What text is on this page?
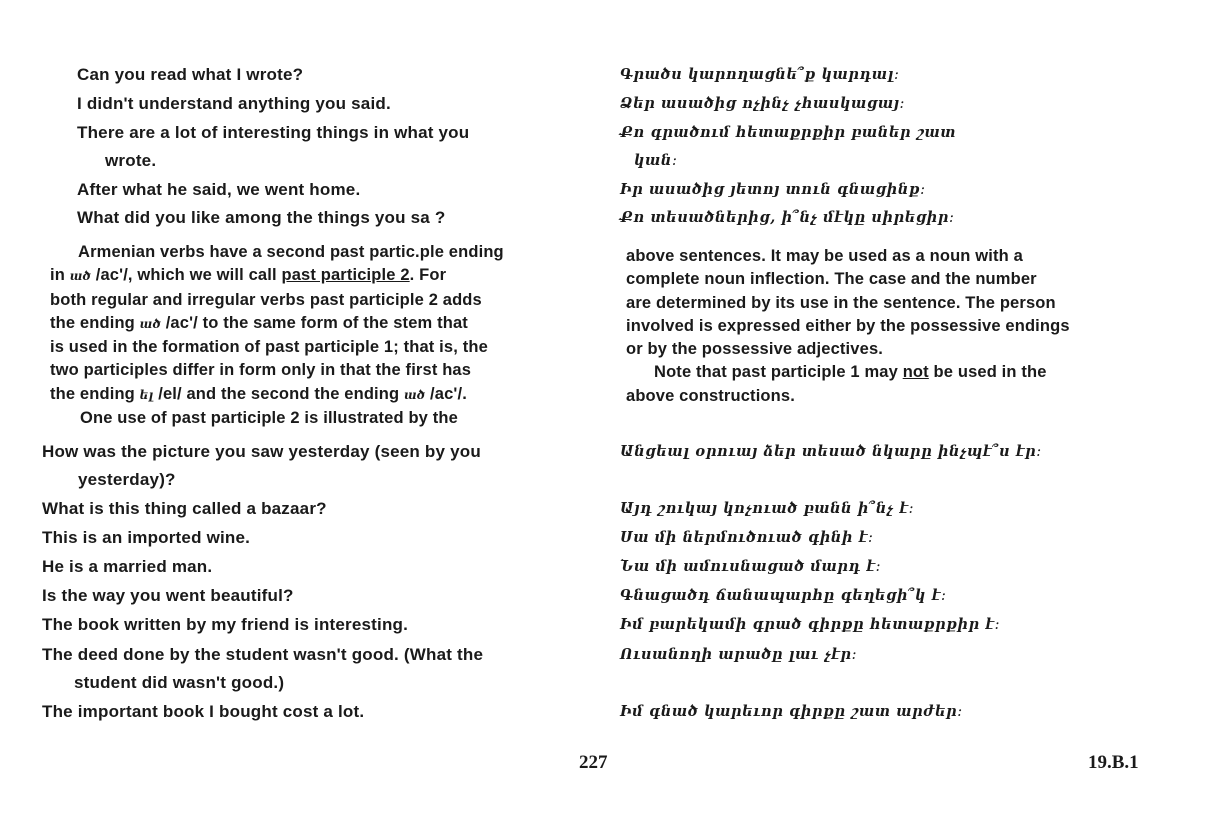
Can you read what I wrote?
I didn't understand anything you said.
There are a lot of interesting things in what you
wrote.
After what he said, we went home.
What did you like among the things you sa ?
Գրածս կարողացնե՞ք կարդալ։
Ձեր ասածից ոչինչ չհասկացայ։
Քո գրածում հետաքրքիր բաներ շատ
կան։
Իր ասածից յետոյ տուն գնացինք։
Քո տեսածներից, ի՞նչ մէկը սիրեցիր։
Armenian verbs have a second past partic.ple ending
in ած /ac'/, which we will call past participle 2. For
both regular and irregular verbs past participle 2 adds
the ending ած /ac'/ to the same form of the stem that
is used in the formation of past participle 1; that is, the
two participles differ in form only in that the first has
the ending ել /el/ and the second the ending ած /ac'/.
One use of past participle 2 is illustrated by the
above sentences. It may be used as a noun with a
complete noun inflection. The case and the number
are determined by its use in the sentence. The person
involved is expressed either by the possessive endings
or by the possessive adjectives.
Note that past participle 1 may not be used in the
above constructions.
How was the picture you saw yesterday (seen by you
yesterday)?
What is this thing called a bazaar?
This is an imported wine.
He is a married man.
Is the way you went beautiful?
The book written by my friend is interesting.
The deed done by the student wasn't good. (What the
student did wasn't good.)
The important book I bought cost a lot.
Անցեալ օրուայ ձեր տեսած նկարը ինչպէ՞ս էր։
Այդ շուկայ կոչուած բանն ի՞նչ է։
Սա մի ներմուծուած գինի է։
Նա մի ամուսնացած մարդ է։
Գնացածդ ճանապարհը գեղեցի՞կ է։
Իմ բարեկամի գրած գիրքը հետաքրքիր է։
Ուսանողի արածը լաւ չէր։
Իմ գնած կարեւոր գիրքը շատ արժեր։
227	19.B.1
